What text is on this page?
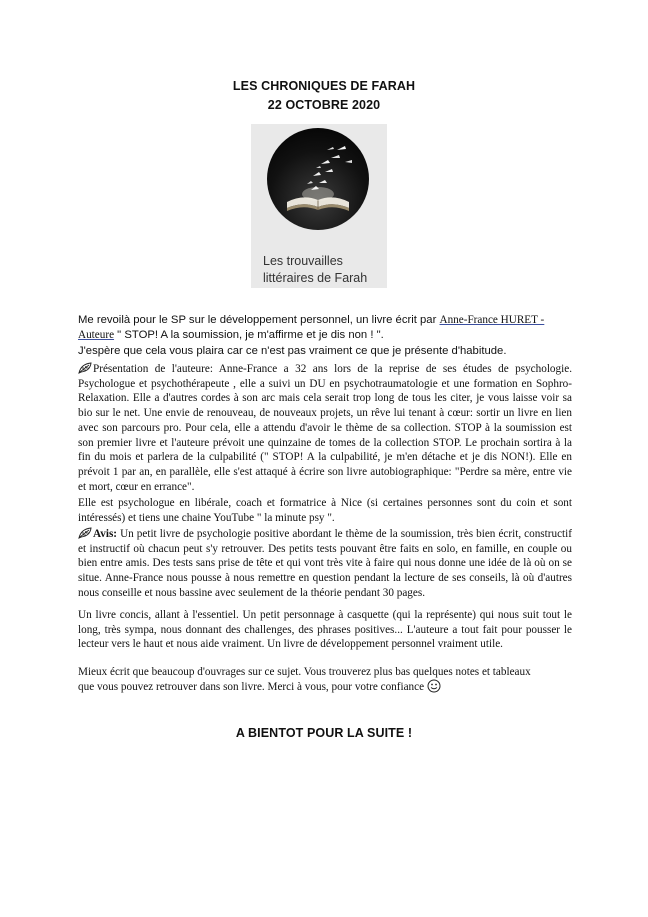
LES CHRONIQUES DE FARAH
22 OCTOBRE 2020
Les trouvailles
littéraires de Farah
Me revoilà pour le SP sur le développement personnel, un livre écrit par Anne-France HURET -
Auteure " STOP! A la soumission, je m'affirme et je dis non ! ".
J'espère que cela vous plaira car ce n'est pas vraiment ce que je présente d'habitude.
Présentation de l'auteure: Anne-France a 32 ans lors de la reprise de ses études de psychologie. Psychologue et psychothérapeute , elle a suivi un DU en psychotraumatologie et une formation en Sophro-Relaxation. Elle a d'autres cordes à son arc mais cela serait trop long de tous les citer, je vous laisse voir sa bio sur le net. Une envie de renouveau, de nouveaux projets, un rêve lui tenant à cœur: sortir un livre en lien avec son parcours pro. Pour cela, elle a attendu d'avoir le thème de sa collection. STOP à la soumission est son premier livre et l'auteure prévoit une quinzaine de tomes de la collection STOP. Le prochain sortira à la fin du mois et parlera de la culpabilité (" STOP! A la culpabilité, je m'en détache et je dis NON!). Elle en prévoit 1 par an, en parallèle, elle s'est attaqué à écrire son livre autobiographique: "Perdre sa mère, entre vie et mort, cœur en errance".
Elle est psychologue en libérale, coach et formatrice à Nice (si certaines personnes sont du coin et sont intéressés) et tiens une chaine YouTube " la minute psy ".
Avis: Un petit livre de psychologie positive abordant le thème de la soumission, très bien écrit, constructif et instructif où chacun peut s'y retrouver. Des petits tests pouvant être faits en solo, en famille, en couple ou bien entre amis. Des tests sans prise de tête et qui vont très vite à faire qui nous donne une idée de là où on se situe. Anne-France nous pousse à nous remettre en question pendant la lecture de ses conseils, là où d'autres nous conseille et nous bassine avec seulement de la théorie pendant 30 pages.
Un livre concis, allant à l'essentiel. Un petit personnage à casquette (qui la représente) qui nous suit tout le long, très sympa, nous donnant des challenges, des phrases positives... L'auteure a tout fait pour pousser le lecteur vers le haut et nous aide vraiment. Un livre de développement personnel vraiment utile.
Mieux écrit que beaucoup d'ouvrages sur ce sujet. Vous trouverez plus bas quelques notes et tableaux
que vous pouvez retrouver dans son livre. Merci à vous, pour votre confiance
A BIENTOT POUR LA SUITE !
